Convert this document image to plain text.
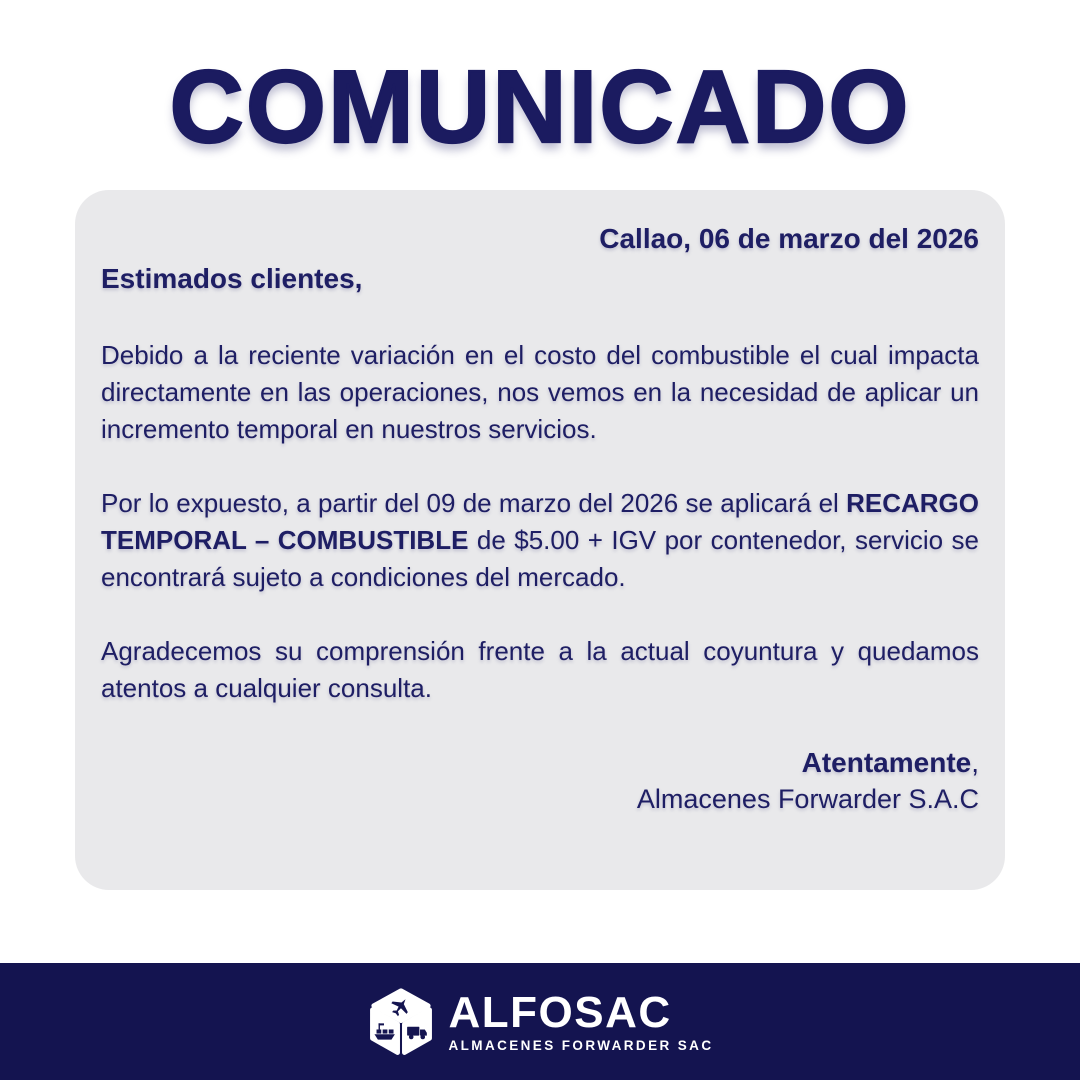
COMUNICADO

Callao, 06 de marzo del 2026

Estimados clientes,

Debido a la reciente variación en el costo del combustible el cual impacta directamente en las operaciones, nos vemos en la necesidad de aplicar un incremento temporal en nuestros servicios.

Por lo expuesto, a partir del 09 de marzo del 2026 se aplicará el RECARGO TEMPORAL – COMBUSTIBLE de $5.00 + IGV por contenedor, servicio se encontrará sujeto a condiciones del mercado.

Agradecemos su comprensión frente a la actual coyuntura y quedamos atentos a cualquier consulta.

Atentamente,

Almacenes Forwarder S.A.C

ALFOSAC
ALMACENES FORWARDER SAC
